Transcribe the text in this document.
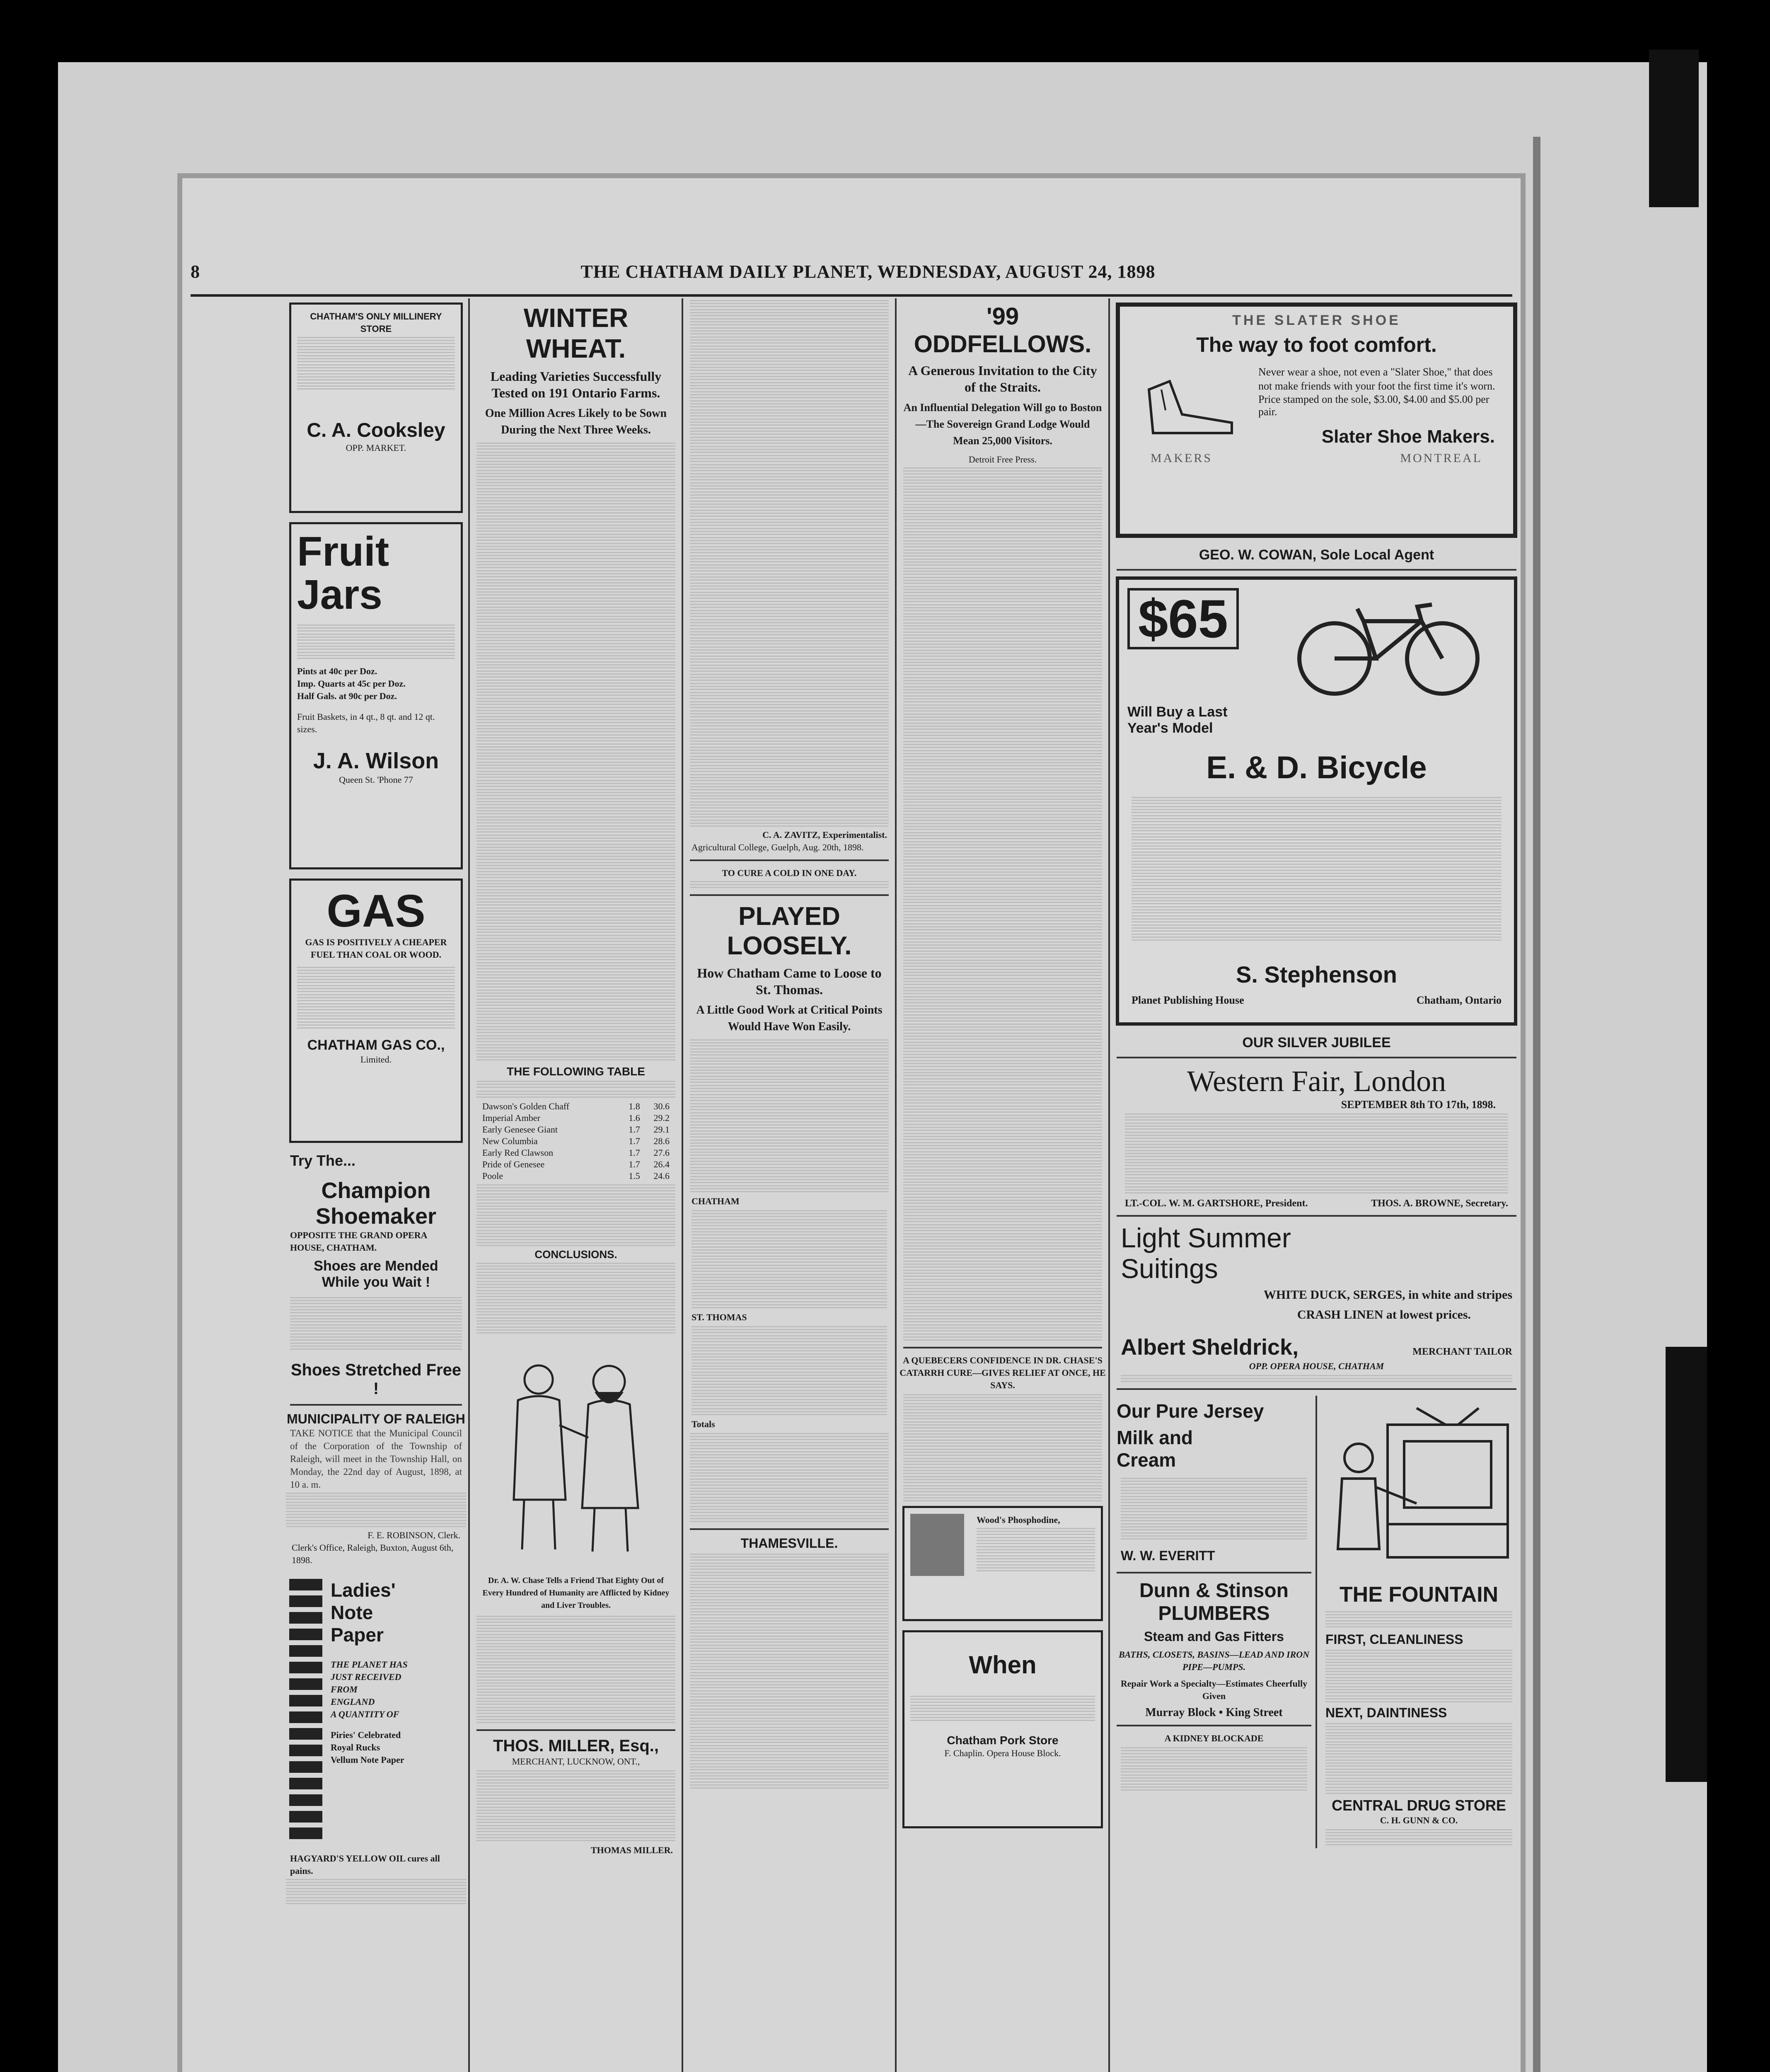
8	THE CHATHAM DAILY PLANET, WEDNESDAY, AUGUST 24, 1898
CHATHAM'S ONLY MILLINERY STORE
C. A. Cooksley
OPP. MARKET.
Fruit
Jars
Pints at 40c per Doz.
Imp. Quarts at 45c per Doz.
Half Gals. at 90c per Doz.
Fruit Baskets, in 4 qt., 8 qt. and 12 qt. sizes.
J. A. Wilson
Queen St. 'Phone 77
GAS
GAS IS POSITIVELY A CHEAPER FUEL THAN COAL OR WOOD.
CHATHAM GAS CO.,
Limited.
Try The...
Champion
Shoemaker
OPPOSITE THE GRAND OPERA HOUSE, CHATHAM.
Shoes are Mended
While you Wait !
Shoes Stretched Free !
MUNICIPALITY OF RALEIGH

TAKE NOTICE that the Municipal Council of the Corporation of the Township of Raleigh, will meet in the Township Hall, on Monday, the 22nd day of August, 1898, at 10 a. m.

F. E. ROBINSON, Clerk.
Clerk's Office, Raleigh, Buxton, August 6th, 1898.
Ladies'
Note
Paper
THE PLANET HAS
JUST RECEIVED
FROM
ENGLAND
A QUANTITY OF
Piries' Celebrated
Royal Rucks
Vellum Note Paper
HAGYARD'S YELLOW OIL cures all pains.
WINTER WHEAT.
Leading Varieties Successfully Tested on 191 Ontario Farms.
One Million Acres Likely to be Sown During the Next Three Weeks.
THE FOLLOWING TABLE
Dawson's Golden Chaff	1.8	30.6
Imperial Amber	1.6	29.2
Early Genesee Giant	1.7	29.1
New Columbia	1.7	28.6
Early Red Clawson	1.7	27.6
Pride of Genesee	1.7	26.4
Poole	1.5	24.6
CONCLUSIONS.
Dr. A. W. Chase Tells a Friend That Eighty Out of Every Hundred of Humanity are Afflicted by Kidney and Liver Troubles.
THOS. MILLER, Esq.,
MERCHANT, LUCKNOW, ONT.,
THOMAS MILLER.
C. A. ZAVITZ, Experimentalist.
Agricultural College, Guelph, Aug. 20th, 1898.
TO CURE A COLD IN ONE DAY.
PLAYED LOOSELY.
How Chatham Came to Loose to St. Thomas.
A Little Good Work at Critical Points Would Have Won Easily.
CHATHAM
ST. THOMAS
Totals
THAMESVILLE.
'99 ODDFELLOWS.
A Generous Invitation to the City of the Straits.
An Influential Delegation Will go to Boston—The Sovereign Grand Lodge Would Mean 25,000 Visitors.
Detroit Free Press.
A QUEBECERS CONFIDENCE IN DR. CHASE'S CATARRH CURE—GIVES RELIEF AT ONCE, HE SAYS.
Wood's Phosphodine,
When
Chatham Pork Store
F. Chaplin. Opera House Block.
THE SLATER SHOE
The way to foot comfort.
Never wear a shoe, not even a "Slater Shoe," that does not make friends with your foot the first time it's worn.
Price stamped on the sole, $3.00, $4.00 and $5.00 per pair.
Slater Shoe Makers.
MAKERS	MONTREAL
GEO. W. COWAN, Sole Local Agent
$65
Will Buy a Last Year's Model
E. & D. Bicycle
S. Stephenson
Planet Publishing House	Chatham, Ontario
OUR SILVER JUBILEE
Western Fair, London
SEPTEMBER 8th TO 17th, 1898.
LT.-COL. W. M. GARTSHORE, President.	THOS. A. BROWNE, Secretary.
Light Summer
Suitings
WHITE DUCK, SERGES, in white and stripes
CRASH LINEN at lowest prices.
Albert Sheldrick,	MERCHANT TAILOR
OPP. OPERA HOUSE, CHATHAM
Our Pure Jersey
Milk and
Cream
W. W. EVERITT
Dunn & Stinson
PLUMBERS
Steam and Gas Fitters
BATHS, CLOSETS, BASINS—LEAD AND IRON PIPE—PUMPS.
Repair Work a Specialty—Estimates Cheerfully Given
Murray Block • King Street
A KIDNEY BLOCKADE
THE FOUNTAIN
FIRST, CLEANLINESS
NEXT, DAINTINESS
CENTRAL DRUG STORE
C. H. GUNN & CO.
